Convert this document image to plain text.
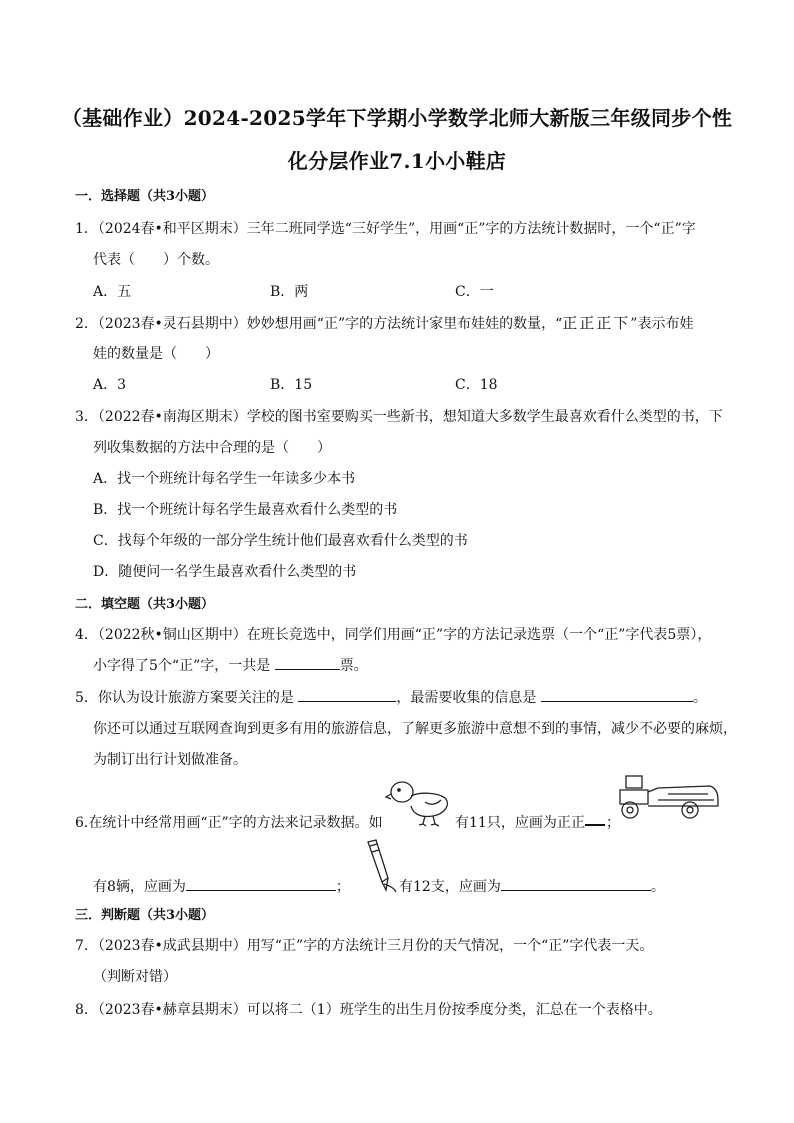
（基础作业）2024-2025学年下学期小学数学北师大新版三年级同步个性
化分层作业7.1小小鞋店
一．选择题（共3小题）
1．（2024春•和平区期末）三年二班同学选“三好学生”，用画“正”字的方法统计数据时，一个“正”字
代表（　　）个数。
A．五	B．两	C．一
2．（2023春•灵石县期中）妙妙想用画“正”字的方法统计家里布娃娃的数量，“正正正下”表示布娃
娃的数量是（　　）
A．3	B．15	C．18
3．（2022春•南海区期末）学校的图书室要购买一些新书，想知道大多数学生最喜欢看什么类型的书，下
列收集数据的方法中合理的是（　　）
A．找一个班统计每名学生一年读多少本书
B．找一个班统计每名学生最喜欢看什么类型的书
C．找每个年级的一部分学生统计他们最喜欢看什么类型的书
D．随便问一名学生最喜欢看什么类型的书
二．填空题（共3小题）
4．（2022秋•铜山区期中）在班长竞选中，同学们用画“正”字的方法记录选票（一个“正”字代表5票），
小字得了5个“正”字，一共是	票。
5．你认为设计旅游方案要关注的是	，最需要收集的信息是	。
你还可以通过互联网查询到更多有用的旅游信息，了解更多旅游中意想不到的事情，减少不必要的麻烦，
为制订出行计划做准备。
6.在统计中经常用画“正”字的方法来记录数据。如	有11只，应画为正正 ；
有8辆，应画为	；	有12支，应画为	。
三．判断题（共3小题）
7．（2023春•成武县期中）用写“正”字的方法统计三月份的天气情况，一个“正”字代表一天。
（判断对错）
8．（2023春•赫章县期末）可以将二（1）班学生的出生月份按季度分类，汇总在一个表格中。
